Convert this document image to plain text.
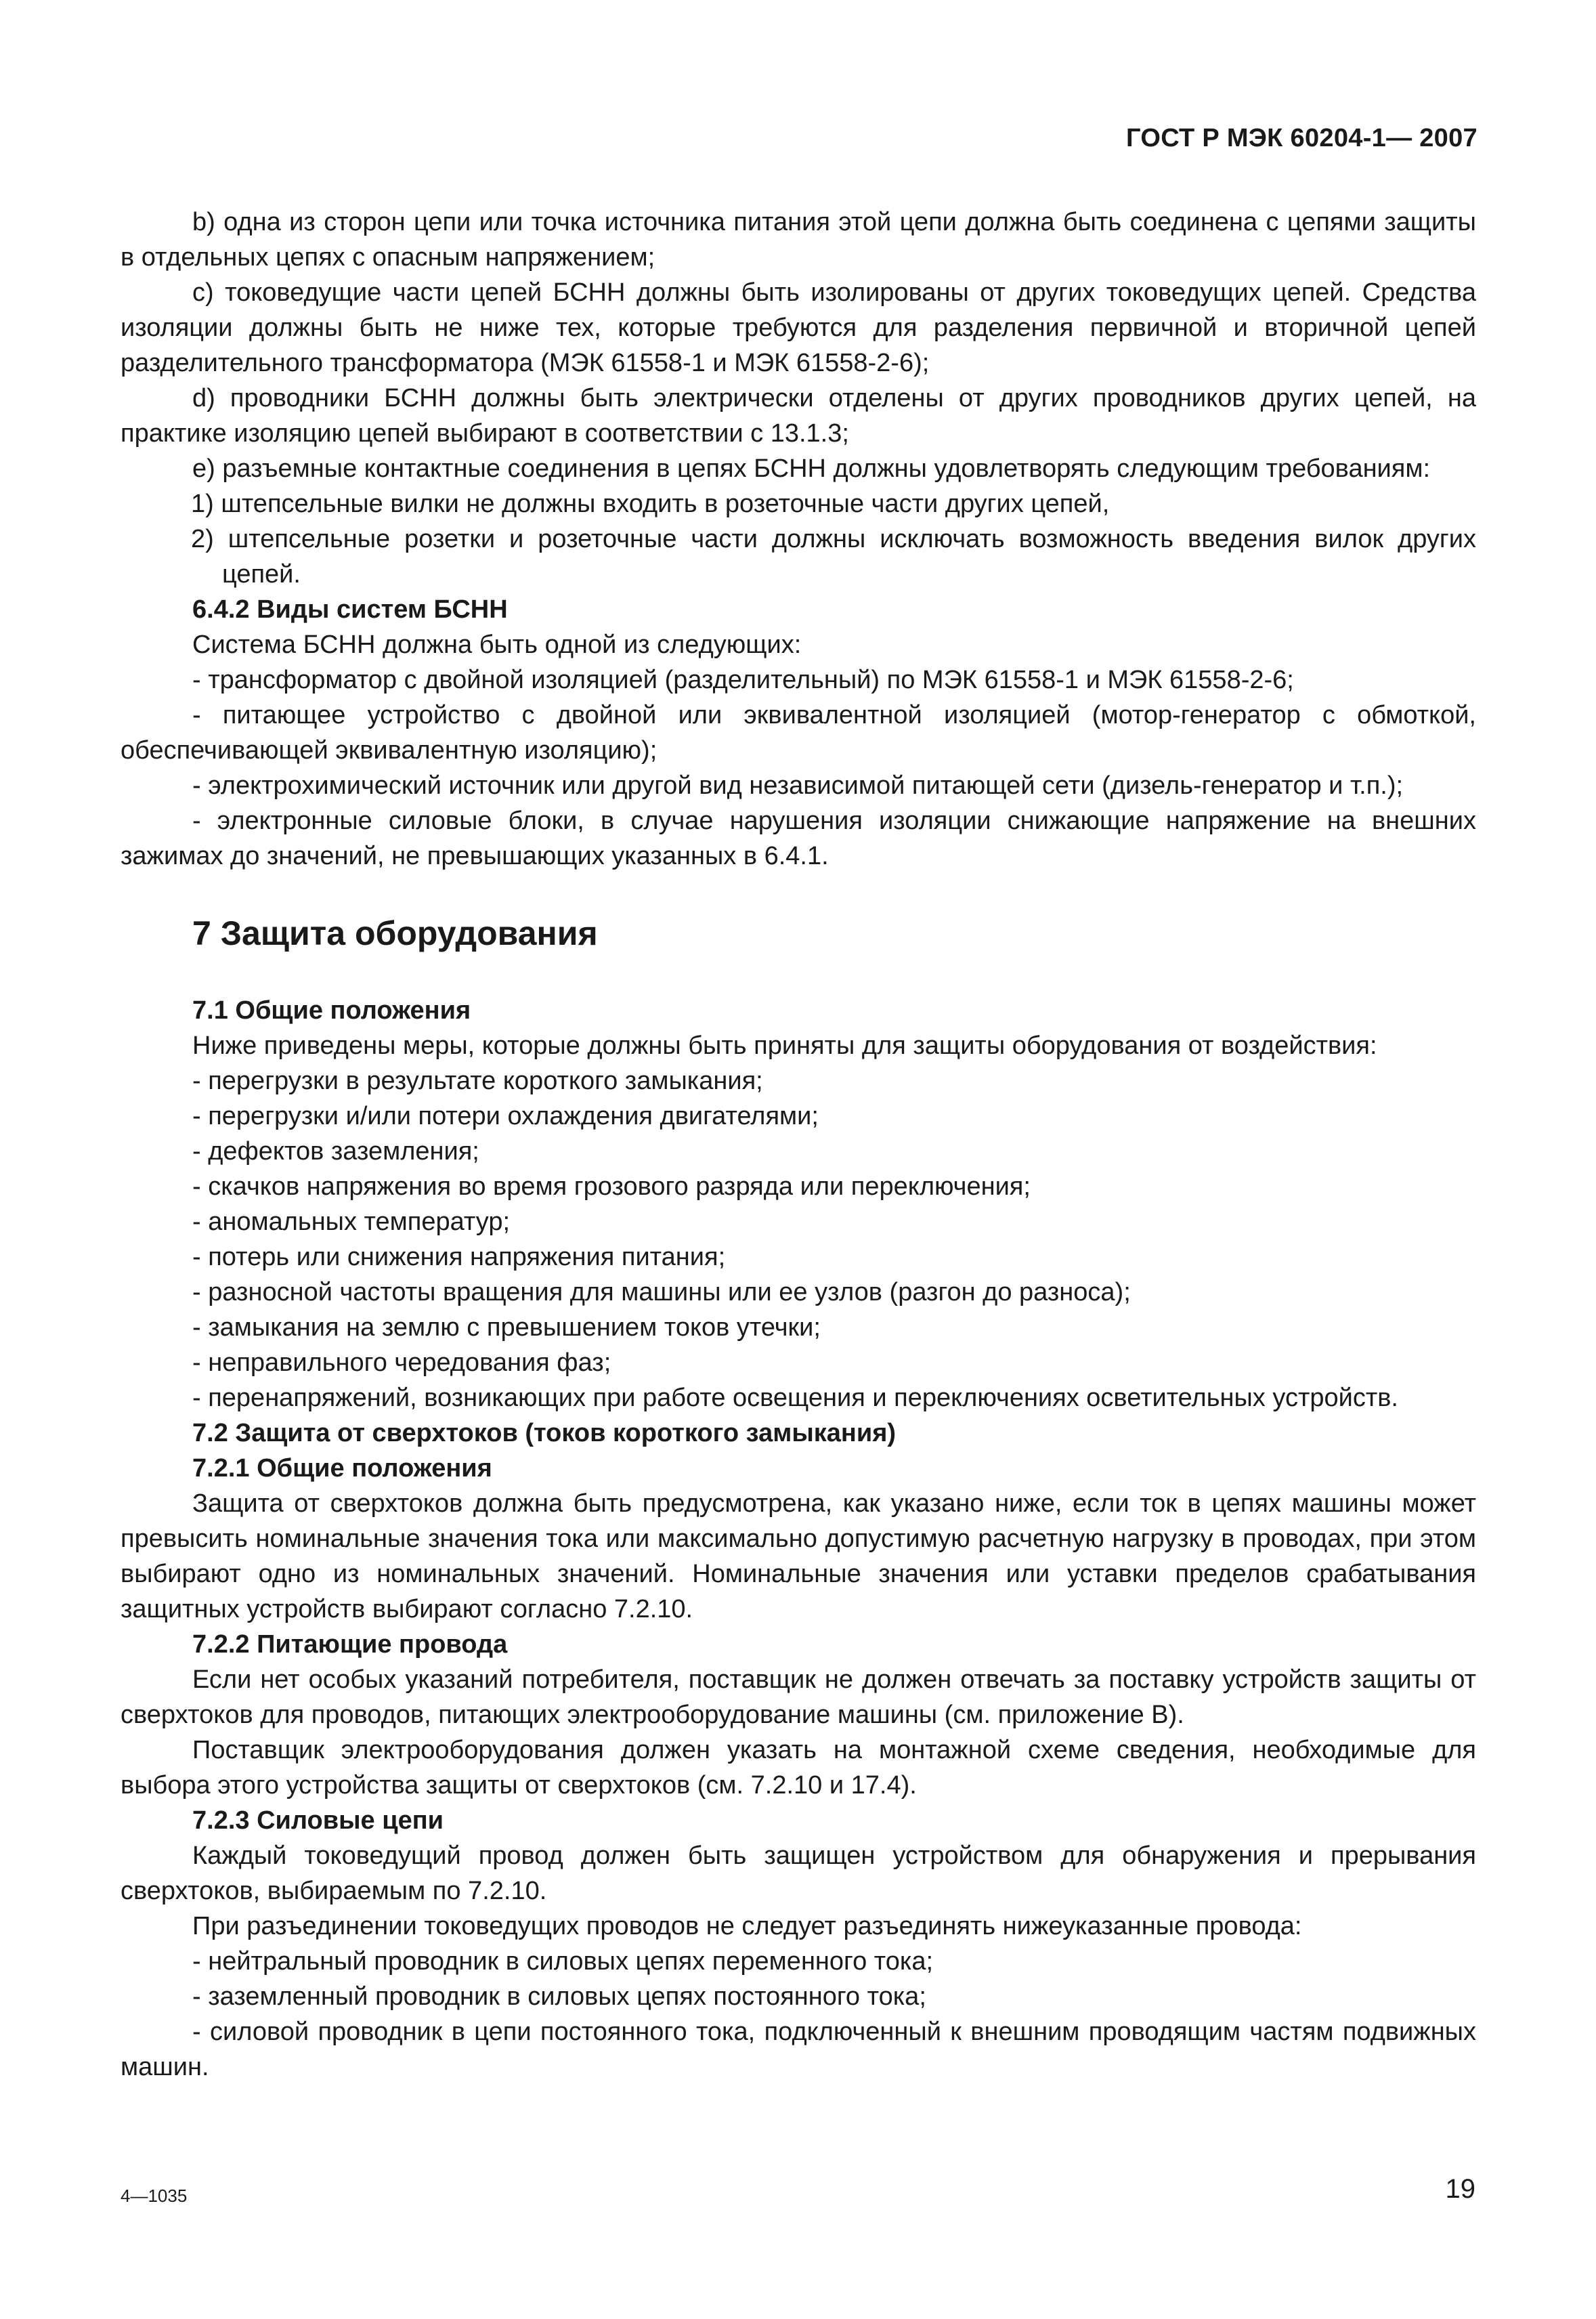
ГОСТ Р МЭК 60204-1— 2007

b) одна из сторон цепи или точка источника питания этой цепи должна быть соединена с цепями защиты в отдельных цепях с опасным напряжением;

c) токоведущие части цепей БСНН должны быть изолированы от других токоведущих цепей. Средства изоляции должны быть не ниже тех, которые требуются для разделения первичной и вторичной цепей разделительного трансформатора (МЭК 61558-1 и МЭК 61558-2-6);

d) проводники БСНН должны быть электрически отделены от других проводников других цепей, на практике изоляцию цепей выбирают в соответствии с 13.1.3;

e) разъемные контактные соединения в цепях БСНН должны удовлетворять следующим требованиям:

1) штепсельные вилки не должны входить в розеточные части других цепей,

2) штепсельные розетки и розеточные части должны исключать возможность введения вилок других цепей.

6.4.2 Виды систем БСНН

Система БСНН должна быть одной из следующих:

- трансформатор с двойной изоляцией (разделительный) по МЭК 61558-1 и МЭК 61558-2-6;

- питающее устройство с двойной или эквивалентной изоляцией (мотор-генератор с обмоткой, обеспечивающей эквивалентную изоляцию);

- электрохимический источник или другой вид независимой питающей сети (дизель-генератор и т.п.);

- электронные силовые блоки, в случае нарушения изоляции снижающие напряжение на внешних зажимах до значений, не превышающих указанных в 6.4.1.

7 Защита оборудования

7.1 Общие положения

Ниже приведены меры, которые должны быть приняты для защиты оборудования от воздействия:

- перегрузки в результате короткого замыкания;

- перегрузки и/или потери охлаждения двигателями;

- дефектов заземления;

- скачков напряжения во время грозового разряда или переключения;

- аномальных температур;

- потерь или снижения напряжения питания;

- разносной частоты вращения для машины или ее узлов (разгон до разноса);

- замыкания на землю с превышением токов утечки;

- неправильного чередования фаз;

- перенапряжений, возникающих при работе освещения и переключениях осветительных устройств.

7.2 Защита от сверхтоков (токов короткого замыкания)

7.2.1 Общие положения

Защита от сверхтоков должна быть предусмотрена, как указано ниже, если ток в цепях машины может превысить номинальные значения тока или максимально допустимую расчетную нагрузку в проводах, при этом выбирают одно из номинальных значений. Номинальные значения или уставки пределов срабатывания защитных устройств выбирают согласно 7.2.10.

7.2.2 Питающие провода

Если нет особых указаний потребителя, поставщик не должен отвечать за поставку устройств защиты от сверхтоков для проводов, питающих электрооборудование машины (см. приложение В).

Поставщик электрооборудования должен указать на монтажной схеме сведения, необходимые для выбора этого устройства защиты от сверхтоков (см. 7.2.10 и 17.4).

7.2.3 Силовые цепи

Каждый токоведущий провод должен быть защищен устройством для обнаружения и прерывания сверхтоков, выбираемым по 7.2.10.

При разъединении токоведущих проводов не следует разъединять нижеуказанные провода:

- нейтральный проводник в силовых цепях переменного тока;

- заземленный проводник в силовых цепях постоянного тока;

- силовой проводник в цепи постоянного тока, подключенный к внешним проводящим частям подвижных машин.

4—1035	19
